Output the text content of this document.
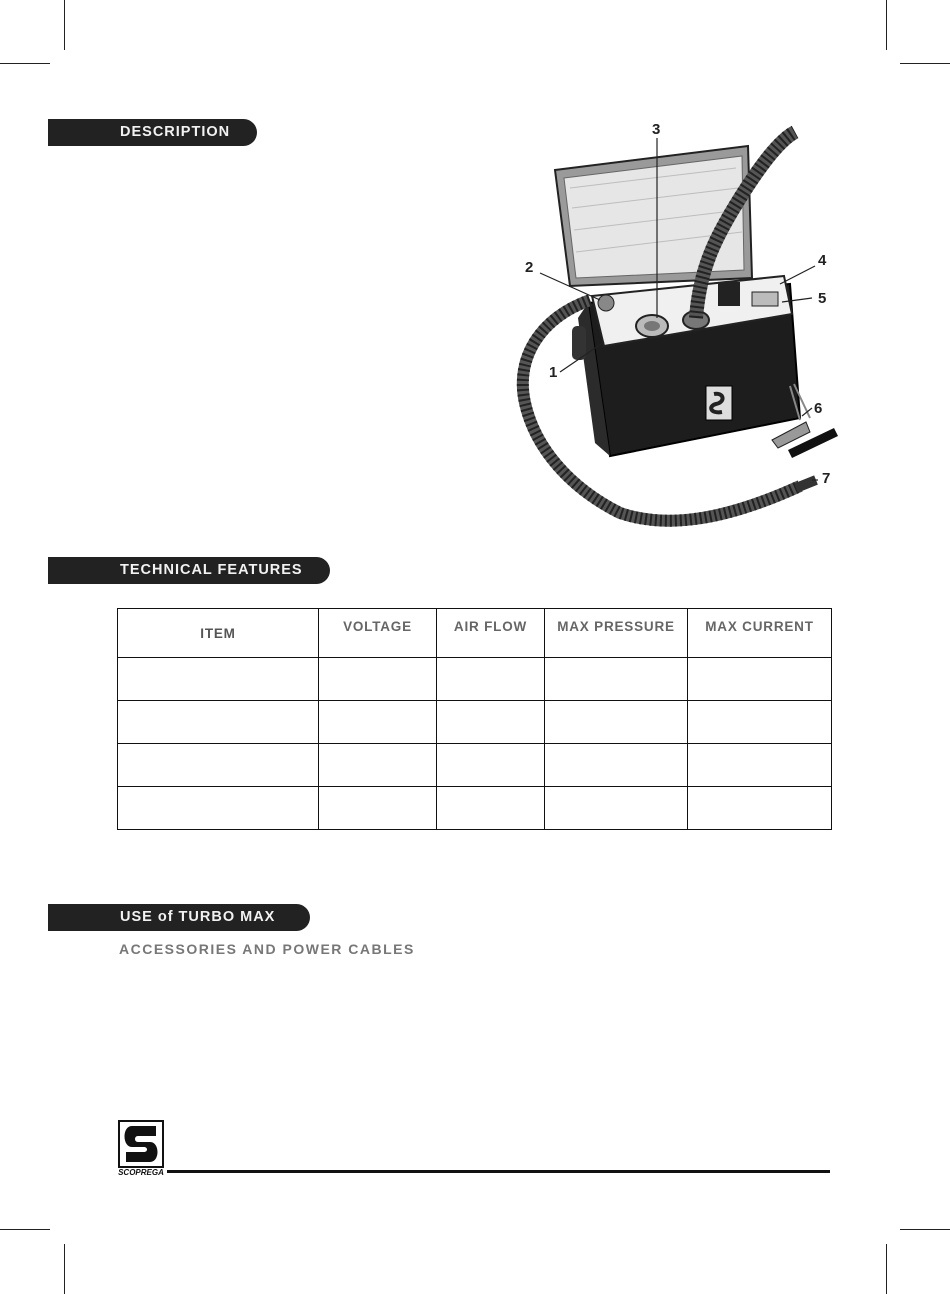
DESCRIPTION
1
2
3
4
5
6
7
TECHNICAL FEATURES
ITEM	VOLTAGE	AIR FLOW	MAX PRESSURE	MAX CURRENT

USE of TURBO MAX
ACCESSORIES AND POWER CABLES
SCOPREGA
